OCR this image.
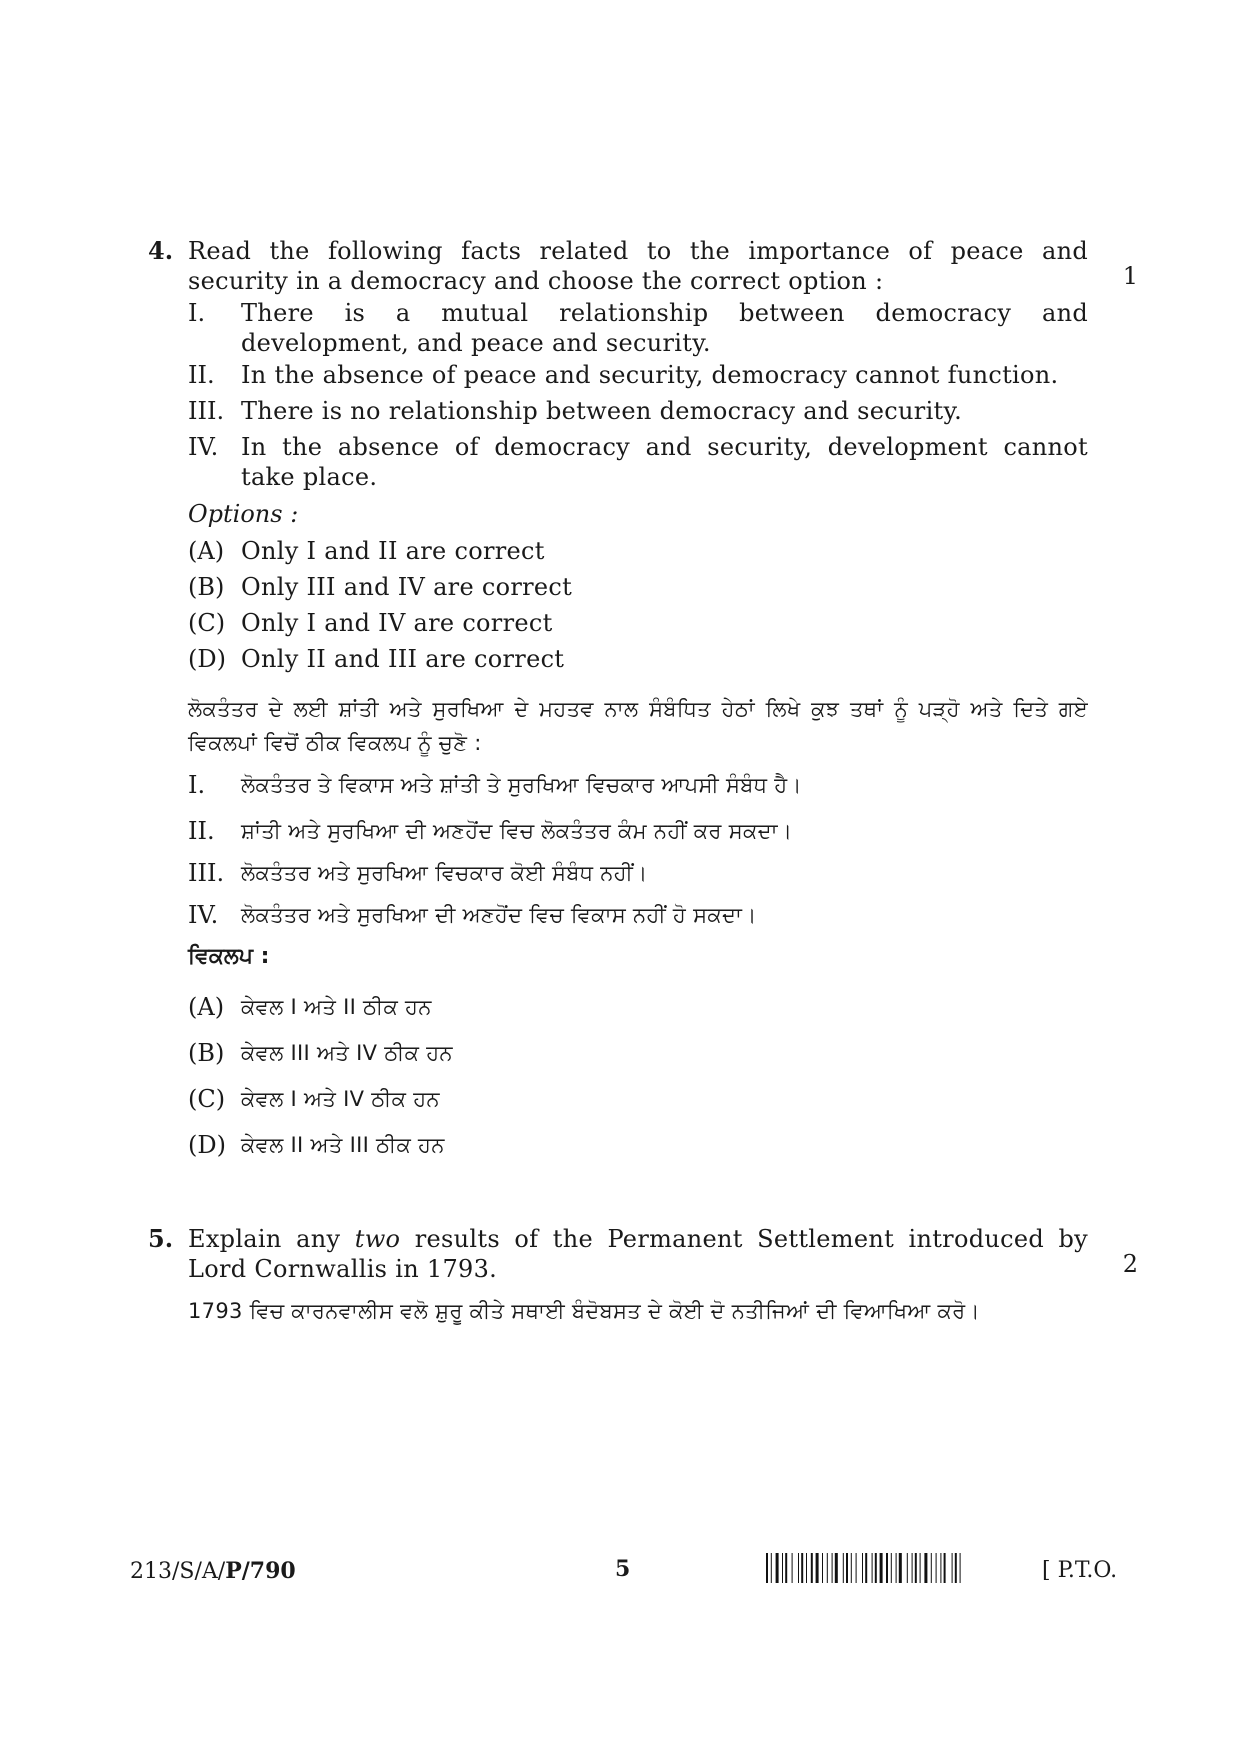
4. Read the following facts related to the importance of peace and security in a democracy and choose the correct option :	1
I.	There is a mutual relationship between democracy and development, and peace and security.
II.	In the absence of peace and security, democracy cannot function.
III. There is no relationship between democracy and security.
IV. In the absence of democracy and security, development cannot take place.
Options :
(A) Only I and II are correct
(B) Only III and IV are correct
(C) Only I and IV are correct
(D) Only II and III are correct
ਲੋਕਤੰਤਰ ਦੇ ਲਈ ਸ਼ਾਂਤੀ ਅਤੇ ਸੁਰਖਿਆ ਦੇ ਮਹਤਵ ਨਾਲ ਸੰਬੰਧਿਤ ਹੇਠਾਂ ਲਿਖੇ ਕੁਝ ਤਥਾਂ ਨੂੰ ਪੜ੍ਹੋ ਅਤੇ ਦਿਤੇ ਗਏ ਵਿਕਲਪਾਂ ਵਿਚੋਂ ਠੀਕ ਵਿਕਲਪ ਨੂੰ ਚੁਣੋ :
I.	ਲੋਕਤੰਤਰ ਤੇ ਵਿਕਾਸ ਅਤੇ ਸ਼ਾਂਤੀ ਤੇ ਸੁਰਖਿਆ ਵਿਚਕਾਰ ਆਪਸੀ ਸੰਬੰਧ ਹੈ।
II.	ਸ਼ਾਂਤੀ ਅਤੇ ਸੁਰਖਿਆ ਦੀ ਅਣਹੋਂਦ ਵਿਚ ਲੋਕਤੰਤਰ ਕੰਮ ਨਹੀਂ ਕਰ ਸਕਦਾ।
III. ਲੋਕਤੰਤਰ ਅਤੇ ਸੁਰਖਿਆ ਵਿਚਕਾਰ ਕੋਈ ਸੰਬੰਧ ਨਹੀਂ।
IV.	ਲੋਕਤੰਤਰ ਅਤੇ ਸੁਰਖਿਆ ਦੀ ਅਣਹੋਂਦ ਵਿਚ ਵਿਕਾਸ ਨਹੀਂ ਹੋ ਸਕਦਾ।
ਵਿਕਲਪ :
(A) ਕੇਵਲ I ਅਤੇ II ਠੀਕ ਹਨ
(B) ਕੇਵਲ III ਅਤੇ IV ਠੀਕ ਹਨ
(C) ਕੇਵਲ I ਅਤੇ IV ਠੀਕ ਹਨ
(D) ਕੇਵਲ II ਅਤੇ III ਠੀਕ ਹਨ
5. Explain any two results of the Permanent Settlement introduced by Lord Cornwallis in 1793.	2
1793 ਵਿਚ ਕਾਰਨਵਾਲੀਸ ਵਲੋ ਸ਼ੁਰੂ ਕੀਤੇ ਸਥਾਈ ਬੰਦੋਬਸਤ ਦੇ ਕੋਈ ਦੋ ਨਤੀਜਿਆਂ ਦੀ ਵਿਆਖਿਆ ਕਰੋ।
213/S/A/P/790	5	[ P.T.O.
